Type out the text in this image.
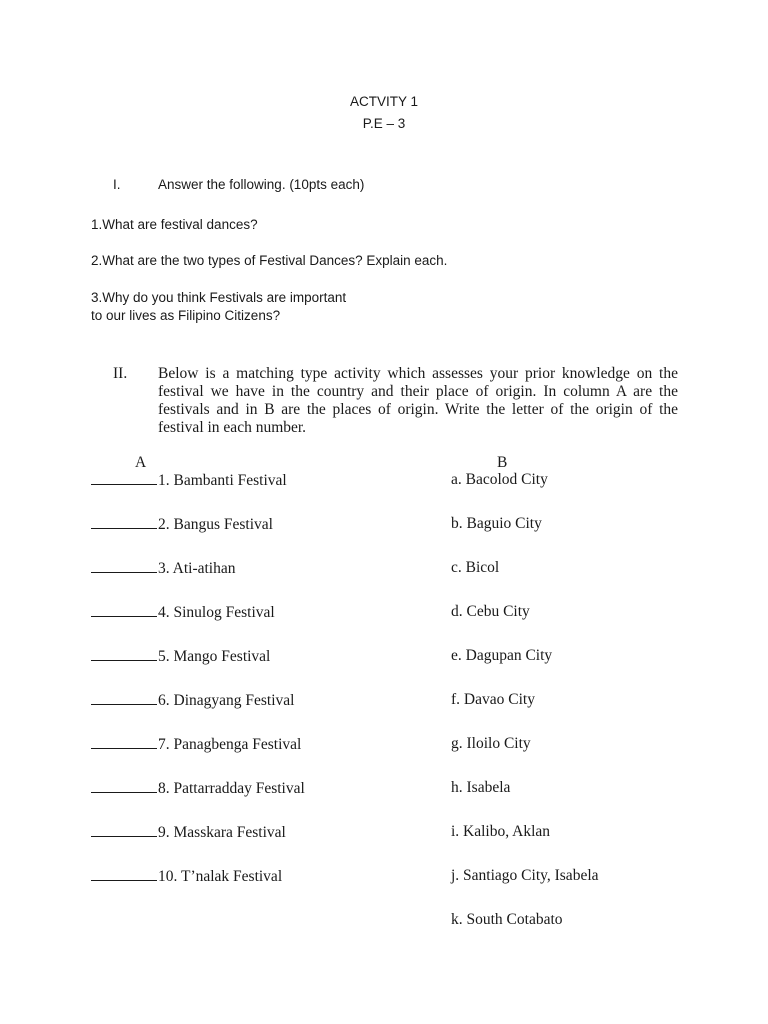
ACTVITY 1
P.E – 3
I.	Answer the following. (10pts each)
1.What are festival dances?
2.What are the two types of Festival Dances? Explain each.
3.Why do you think Festivals are important
to our lives as Filipino Citizens?
II. Below is a matching type activity which assesses your prior knowledge on the
festival we have in the country and their place of origin. In column A are the
festivals and in B are the places of origin. Write the letter of the origin of the
festival in each number.
A	B
1. Bambanti Festival
2. Bangus Festival
3. Ati-atihan
4. Sinulog Festival
5. Mango Festival
6. Dinagyang Festival
7. Panagbenga Festival
8. Pattarradday Festival
9. Masskara Festival
10. T’nalak Festival
a. Bacolod City
b. Baguio City
c. Bicol
d. Cebu City
e. Dagupan City
f. Davao City
g. Iloilo City
h. Isabela
i. Kalibo, Aklan
j. Santiago City, Isabela
k. South Cotabato
